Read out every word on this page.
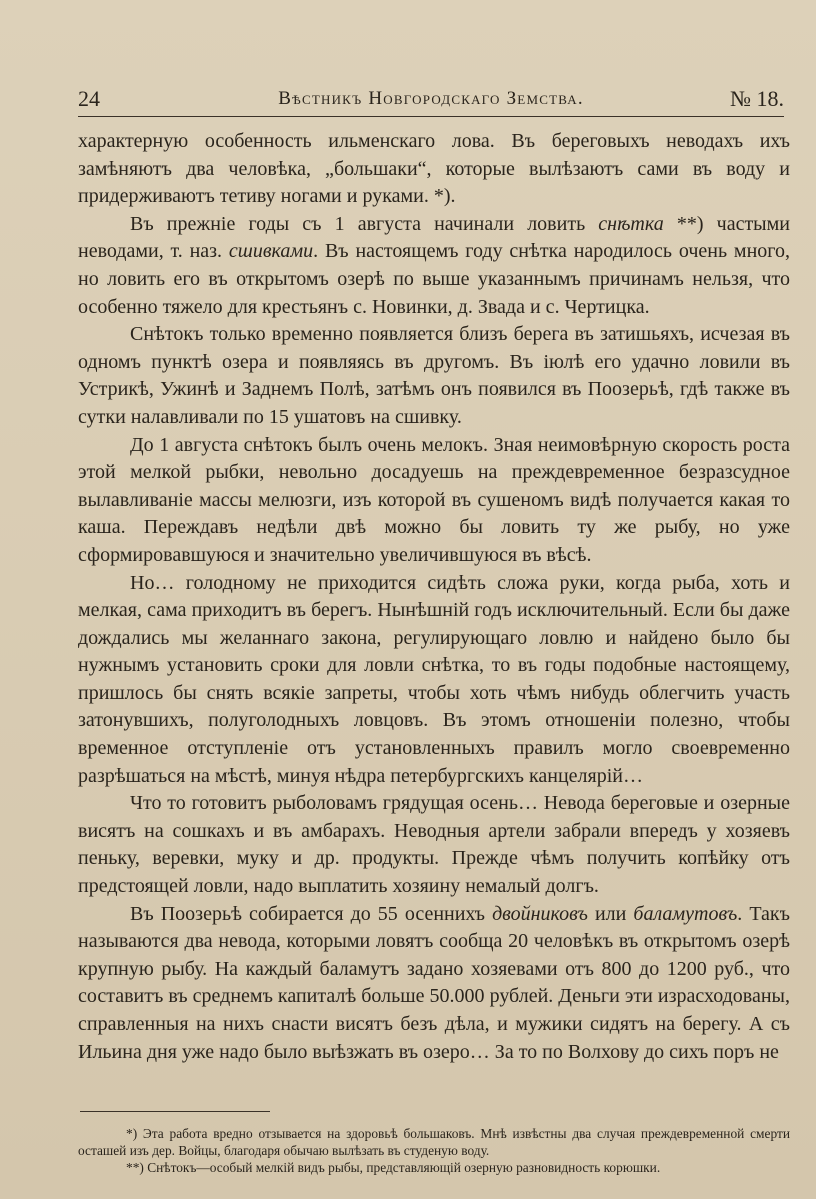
24	Вѣстникъ Новгородскаго Земства.	№ 18.

характерную особенность ильменскаго лова. Въ береговыхъ неводахъ ихъ замѣняютъ два человѣка, „большаки“, которые вылѣзаютъ сами въ воду и придерживаютъ тетиву ногами и руками. *).

Въ прежніе годы съ 1 августа начинали ловить снѣтка **) частыми неводами, т. наз. сшивками. Въ настоящемъ году снѣтка народилось очень много, но ловить его въ открытомъ озерѣ по выше указаннымъ причинамъ нельзя, что особенно тяжело для крестьянъ с. Новинки, д. Звада и с. Чертицка.

Снѣтокъ только временно появляется близъ берега въ затишьяхъ, исчезая въ одномъ пунктѣ озера и появляясь въ другомъ. Въ іюлѣ его удачно ловили въ Устрикѣ, Ужинѣ и Заднемъ Полѣ, затѣмъ онъ появился въ Поозерьѣ, гдѣ также въ сутки налавливали по 15 ушатовъ на сшивку.

До 1 августа снѣтокъ былъ очень мелокъ. Зная неимовѣрную скорость роста этой мелкой рыбки, невольно досадуешь на преждевременное безразсудное вылавливаніе массы мелюзги, изъ которой въ сушеномъ видѣ получается какая то каша. Переждавъ недѣли двѣ можно бы ловить ту же рыбу, но уже сформировавшуюся и значительно увеличившуюся въ вѣсѣ.

Но… голодному не приходится сидѣть сложа руки, когда рыба, хоть и мелкая, сама приходитъ въ берегъ. Нынѣшній годъ исключительный. Если бы даже дождались мы желаннаго закона, регулирующаго ловлю и найдено было бы нужнымъ установить сроки для ловли снѣтка, то въ годы подобные настоящему, пришлось бы снять всякіе запреты, чтобы хоть чѣмъ нибудь облегчить участь затонувшихъ, полуголодныхъ ловцовъ. Въ этомъ отношеніи полезно, чтобы временное отступленіе отъ установленныхъ правилъ могло своевременно разрѣшаться на мѣстѣ, минуя нѣдра петербургскихъ канцелярій…

Что то готовитъ рыболовамъ грядущая осень… Невода береговые и озерные висятъ на сошкахъ и въ амбарахъ. Неводныя артели забрали впередъ у хозяевъ пеньку, веревки, муку и др. продукты. Прежде чѣмъ получить копѣйку отъ предстоящей ловли, надо выплатить хозяину немалый долгъ.

Въ Поозерьѣ собирается до 55 осеннихъ двойниковъ или баламутовъ. Такъ называются два невода, которыми ловятъ сообща 20 человѣкъ въ открытомъ озерѣ крупную рыбу. На каждый баламутъ задано хозяевами отъ 800 до 1200 руб., что составитъ въ среднемъ капиталѣ больше 50.000 рублей. Деньги эти израсходованы, справленныя на нихъ снасти висятъ безъ дѣла, и мужики сидятъ на берегу. А съ Ильина дня уже надо было выѣзжать въ озеро… За то по Волхову до сихъ поръ не

*) Эта работа вредно отзывается на здоровьѣ большаковъ. Мнѣ извѣстны два случая преждевременной смерти осташей изъ дер. Войцы, благодаря обычаю вылѣзать въ студеную воду.

**) Снѣтокъ—особый мелкій видъ рыбы, представляющій озерную разновидность корюшки.
